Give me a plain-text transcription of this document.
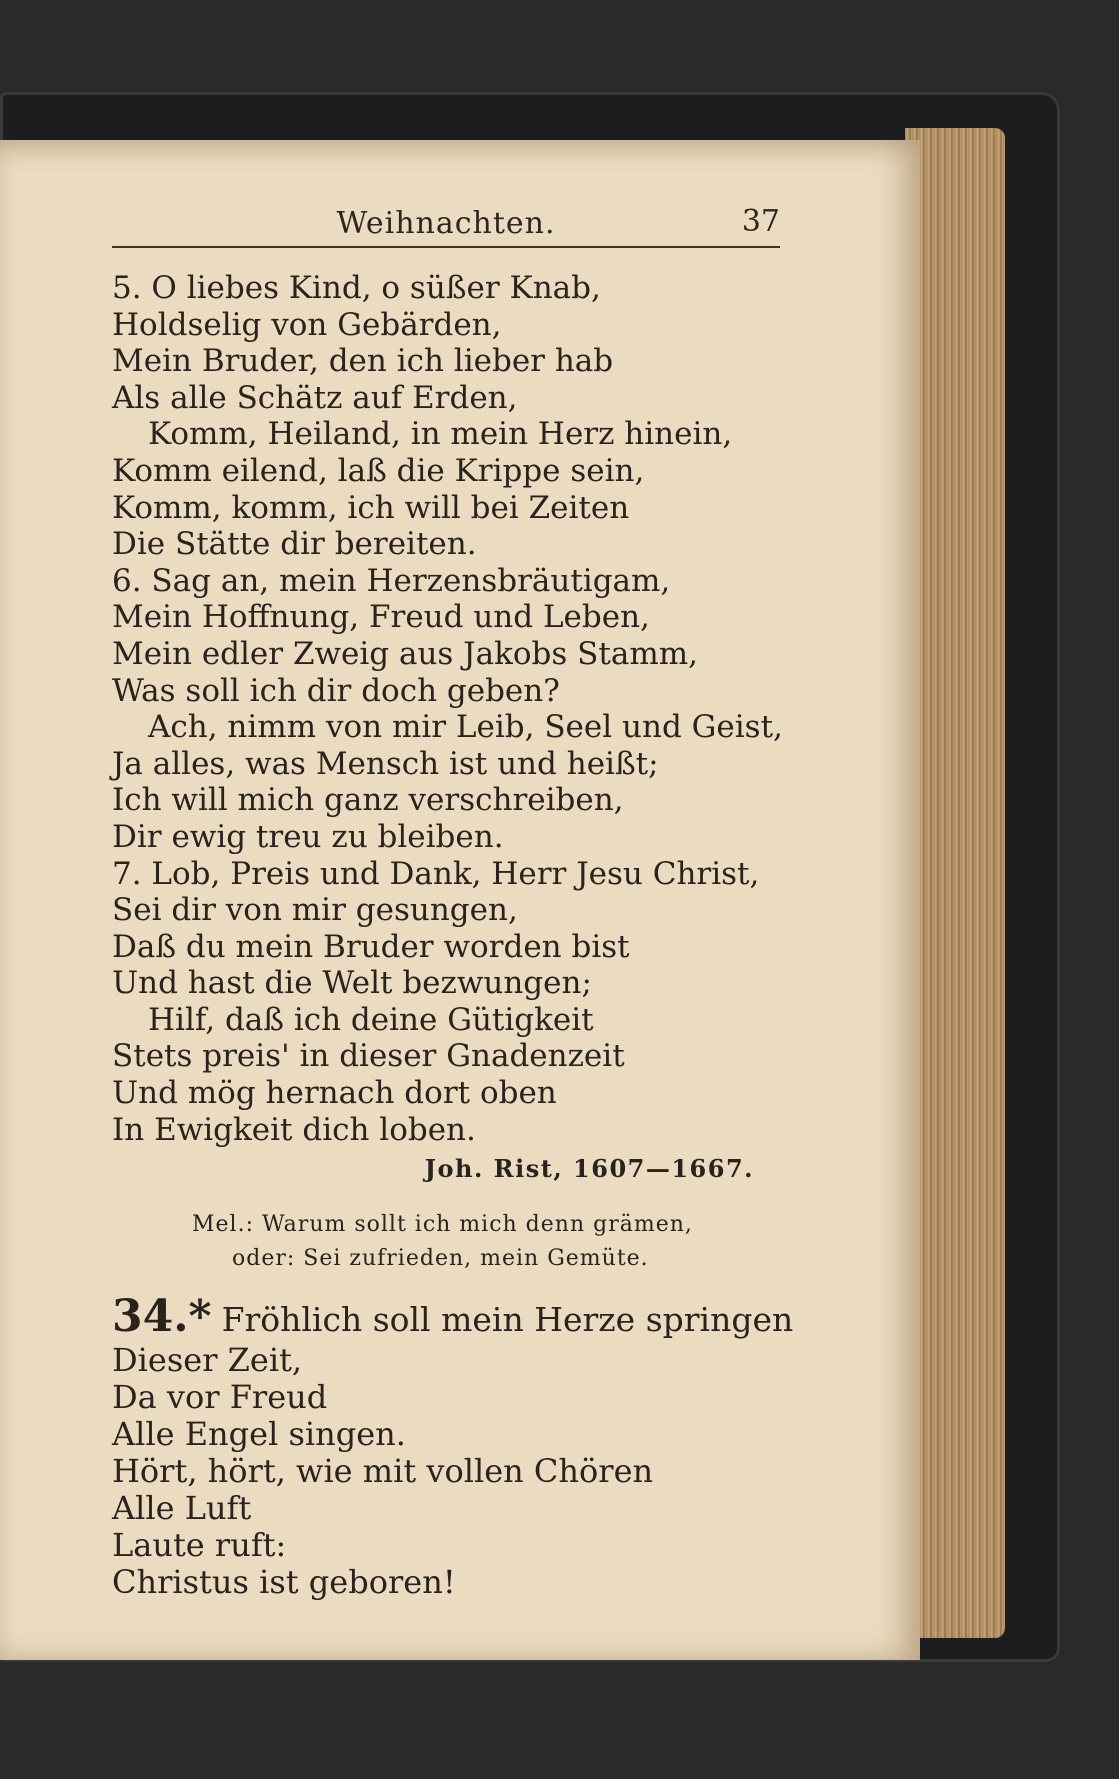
Weihnachten.	37
5. O liebes Kind, o süßer Knab,
Holdselig von Gebärden,
Mein Bruder, den ich lieber hab
Als alle Schätz auf Erden,
Komm, Heiland, in mein Herz hinein,
Komm eilend, laß die Krippe sein,
Komm, komm, ich will bei Zeiten
Die Stätte dir bereiten.
6. Sag an, mein Herzensbräutigam,
Mein Hoffnung, Freud und Leben,
Mein edler Zweig aus Jakobs Stamm,
Was soll ich dir doch geben?
Ach, nimm von mir Leib, Seel und Geist,
Ja alles, was Mensch ist und heißt;
Ich will mich ganz verschreiben,
Dir ewig treu zu bleiben.
7. Lob, Preis und Dank, Herr Jesu Christ,
Sei dir von mir gesungen,
Daß du mein Bruder worden bist
Und hast die Welt bezwungen;
Hilf, daß ich deine Gütigkeit
Stets preis' in dieser Gnadenzeit
Und mög hernach dort oben
In Ewigkeit dich loben.
Joh. Rist, 1607—1667.
Mel.: Warum sollt ich mich denn grämen,
oder: Sei zufrieden, mein Gemüte.
34.* Fröhlich soll mein Herze springen
Dieser Zeit,
Da vor Freud
Alle Engel singen.
Hört, hört, wie mit vollen Chören
Alle Luft
Laute ruft:
Christus ist geboren!
